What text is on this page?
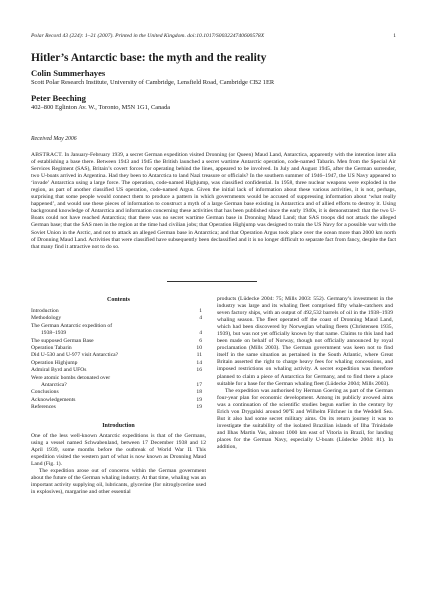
Polar Record 43 (224): 1–21 (2007). Printed in the United Kingdom. doi:10.1017/S003224740600578X	1
Hitler’s Antarctic base: the myth and the reality
Colin Summerhayes
Scott Polar Research Institute, University of Cambridge, Lensfield Road, Cambridge CB2 1ER
Peter Beeching
402–800 Eglinton Av. W., Toronto, M5N 1G1, Canada
Received May 2006

ABSTRACT. In January-February 1939, a secret German expedition visited Dronning (or Queen) Maud Land, Antarctica, apparently with the intention inter alia of establishing a base there. Between 1943 and 1945 the British launched a secret wartime Antarctic operation, code-named Tabarin. Men from the Special Air Services Regiment (SAS), Britain’s covert forces for operating behind the lines, appeared to be involved. In July and August 1945, after the German surrender, two U-boats arrived in Argentina. Had they been to Antarctica to land Nazi treasure or officials? In the southern summer of 1946–1947, the US Navy appeared to ‘invade’ Antarctica using a large force. The operation, code-named Highjump, was classified confidential. In 1958, three nuclear weapons were exploded in the region, as part of another classified US operation, code-named Argus. Given the initial lack of information about these various activities, it is not, perhaps, surprising that some people would connect them to produce a pattern in which governments would be accused of suppressing information about ‘what really happened’, and would use these pieces of information to construct a myth of a large German base existing in Antarctica and of allied efforts to destroy it. Using background knowledge of Antarctica and information concerning these activities that has been published since the early 1940s, it is demonstrated: that the two U-Boats could not have reached Antarctica; that there was no secret wartime German base in Dronning Maud Land; that SAS troops did not attack the alleged German base; that the SAS men in the region at the time had civilian jobs; that Operation Highjump was designed to train the US Navy for a possible war with the Soviet Union in the Arctic, and not to attack an alleged German base in Antarctica; and that Operation Argus took place over the ocean more than 2000 km north of Dronning Maud Land. Activities that were classified have subsequently been declassified and it is no longer difficult to separate fact from fancy, despite the fact that many find it attractive not to do so.

Contents
Introduction	1
Methodology	4
The German Antarctic expedition of
1938–1939	4
The supposed German Base	6
Operation Tabarin	10
Did U-530 and U-977 visit Antarctica?	11
Operation Highjump	14
Admiral Byrd and UFOs	16
Were atomic bombs detonated over
Antarctica?	17
Conclusions	18
Acknowledgements	19
References	19
Introduction

One of the less well-known Antarctic expeditions is that of the Germans, using a vessel named Schwabenland, between 17 December 1938 and 12 April 1939, some months before the outbreak of World War II. This expedition visited the western part of what is now known as Dronning Maud Land (Fig. 1).

The expedition arose out of concerns within the German government about the future of the German whaling industry. At that time, whaling was an important activity supplying oil, lubricants, glycerine (for nitroglycerine used in explosives), margarine and other essential

products (Lüdecke 2004: 75; Mills 2003: 552). Germany’s investment in the industry was large and its whaling fleet comprised fifty whale-catchers and seven factory ships, with an output of 492,532 barrels of oil in the 1938–1939 whaling season. The fleet operated off the coast of Dronning Maud Land, which had been discovered by Norwegian whaling fleets (Christensen 1935, 1939), but was not yet officially known by that name. Claims to this land had been made on behalf of Norway, though not officially announced by royal proclamation (Mills 2003). The German government was keen not to find itself in the same situation as pertained in the South Atlantic, where Great Britain asserted the right to charge heavy fees for whaling concessions, and imposed restrictions on whaling activity. A secret expedition was therefore planned to claim a piece of Antarctica for Germany, and to find there a place suitable for a base for the German whaling fleet (Lüdecke 2004; Mills 2003).

The expedition was authorised by Herman Goering as part of the German four-year plan for economic development. Among its publicly avowed aims was a continuation of the scientific studies begun earlier in the century by Erich von Drygalski around 90°E and Wilhelm Filchner in the Weddell Sea. But it also had some secret military aims. On its return journey it was to investigate the suitability of the isolated Brazilian islands of Ilha Trinidade and Ilhas Martin Vas, almost 1000 km east of Vitoria in Brazil, for landing places for the German Navy, especially U-boats (Lüdecke 2004: 81). In addition,
